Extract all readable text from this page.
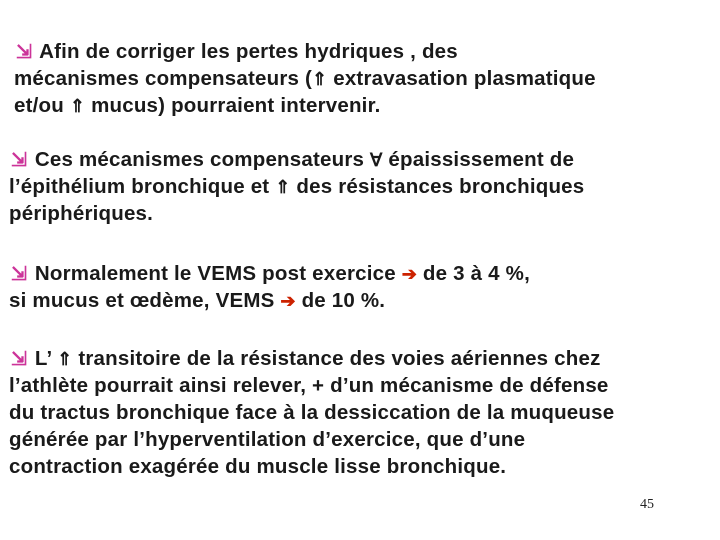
⇲ Afin de corriger les pertes hydriques , des
mécanismes compensateurs (⇑ extravasation plasmatique
et/ou ⇑ mucus) pourraient intervenir.
⇲ Ces mécanismes compensateurs ∀ épaississement de
l’épithélium bronchique et ⇑ des résistances bronchiques
périphériques.
⇲ Normalement le VEMS post exercice ➔ de 3 à 4 %,
si mucus et œdème, VEMS ➔ de 10 %.
⇲ L’ ⇑ transitoire de la résistance des voies aériennes chez
l’athlète pourrait ainsi relever, + d’un mécanisme de défense
du tractus bronchique face à la dessiccation de la muqueuse
générée par l’hyperventilation d’exercice, que d’une
contraction exagérée du muscle lisse bronchique.
45
